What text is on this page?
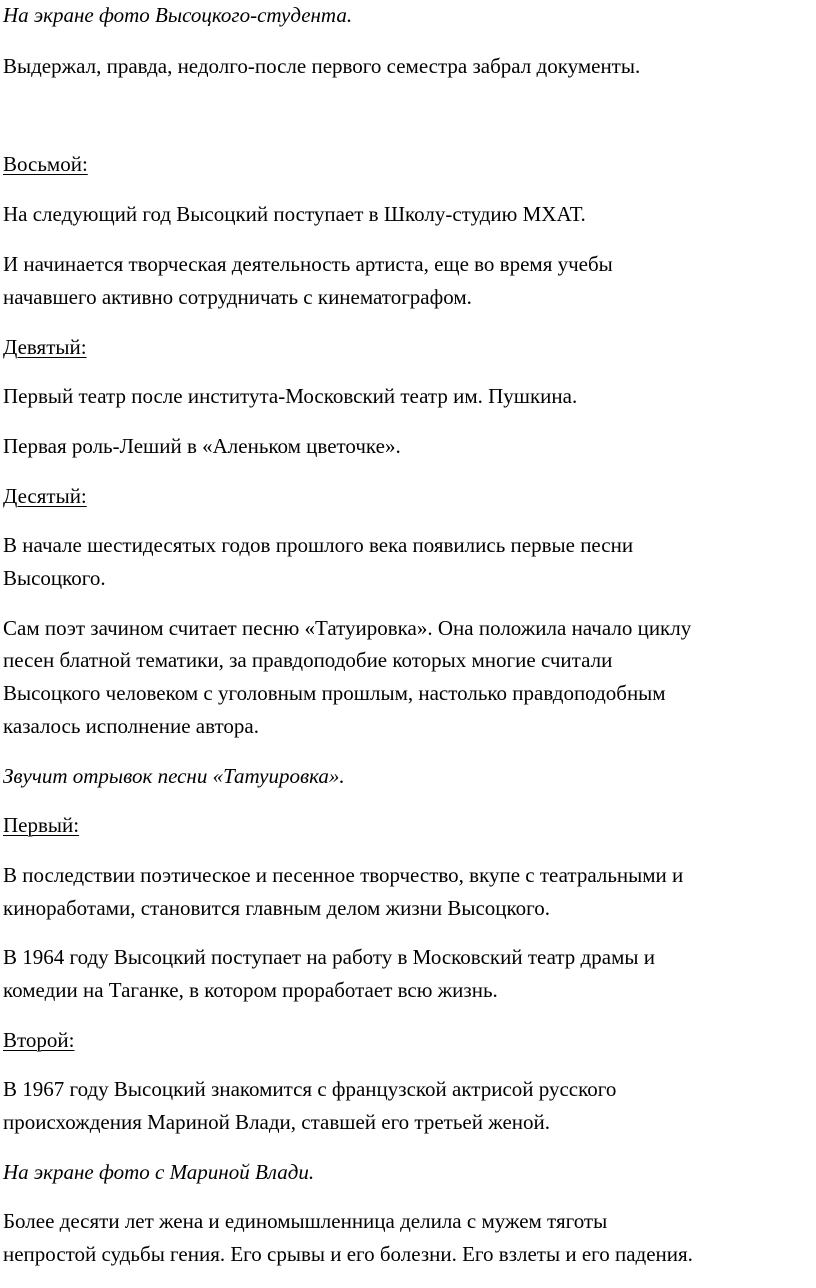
На экране фото Высоцкого-студента.
Выдержал, правда, недолго-после первого семестра забрал документы.
Восьмой:
На следующий год Высоцкий поступает в Школу-студию МХАТ.
И начинается творческая деятельность артиста, еще во время учебы
начавшего активно сотрудничать с кинематографом.
Девятый:
Первый театр после института-Московский театр им. Пушкина.
Первая роль-Леший в «Аленьком цветочке».
Десятый:
В начале шестидесятых годов прошлого века появились первые песни
Высоцкого.
Сам поэт зачином считает песню «Татуировка». Она положила начало циклу
песен блатной тематики, за правдоподобие которых многие считали
Высоцкого человеком с уголовным прошлым, настолько правдоподобным
казалось исполнение автора.
Звучит отрывок песни «Татуировка».
Первый:
В последствии поэтическое и песенное творчество, вкупе с театральными и
киноработами, становится главным делом жизни Высоцкого.
В 1964 году Высоцкий поступает на работу в Московский театр драмы и
комедии на Таганке, в котором проработает всю жизнь.
Второй:
В 1967 году Высоцкий знакомится с французской актрисой русского
происхождения Мариной Влади, ставшей его третьей женой.
На экране фото с Мариной Влади.
Более десяти лет жена и единомышленница делила с мужем тяготы
непростой судьбы гения. Его срывы и его болезни. Его взлеты и его падения.
